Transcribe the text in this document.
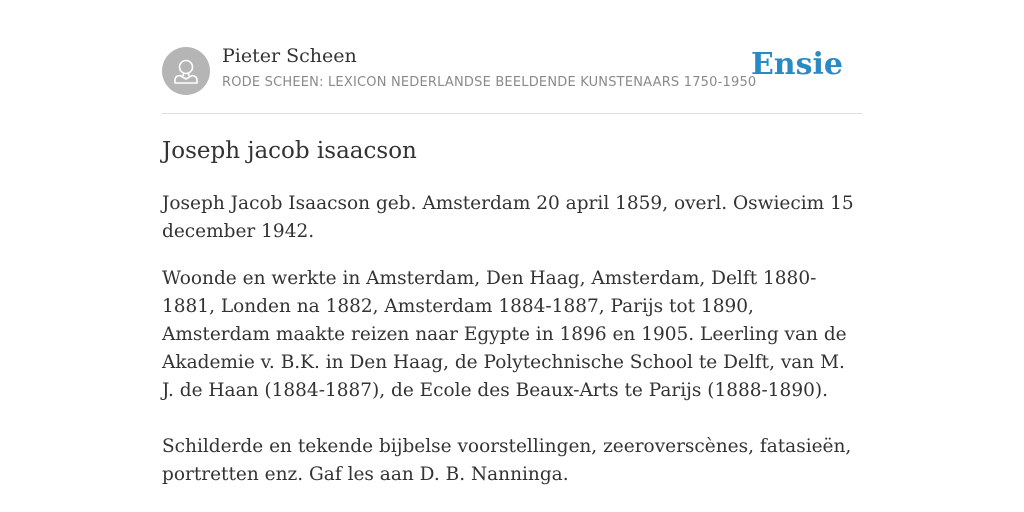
Pieter Scheen
RODE SCHEEN: LEXICON NEDERLANDSE BEELDENDE KUNSTENAARS 1750-1950
Ensie
Joseph jacob isaacson

Joseph Jacob Isaacson geb. Amsterdam 20 april 1859, overl. Oswiecim 15 december 1942.

Woonde en werkte in Amsterdam, Den Haag, Amsterdam, Delft 1880-1881, Londen na 1882, Amsterdam 1884-1887, Parijs tot 1890, Amsterdam maakte reizen naar Egypte in 1896 en 1905. Leerling van de Akademie v. B.K. in Den Haag, de Polytechnische School te Delft, van M. J. de Haan (1884-1887), de Ecole des Beaux-Arts te Parijs (1888-1890).

Schilderde en tekende bijbelse voorstellingen, zeeroverscènes, fatasieën, portretten enz. Gaf les aan D. B. Nanninga.
